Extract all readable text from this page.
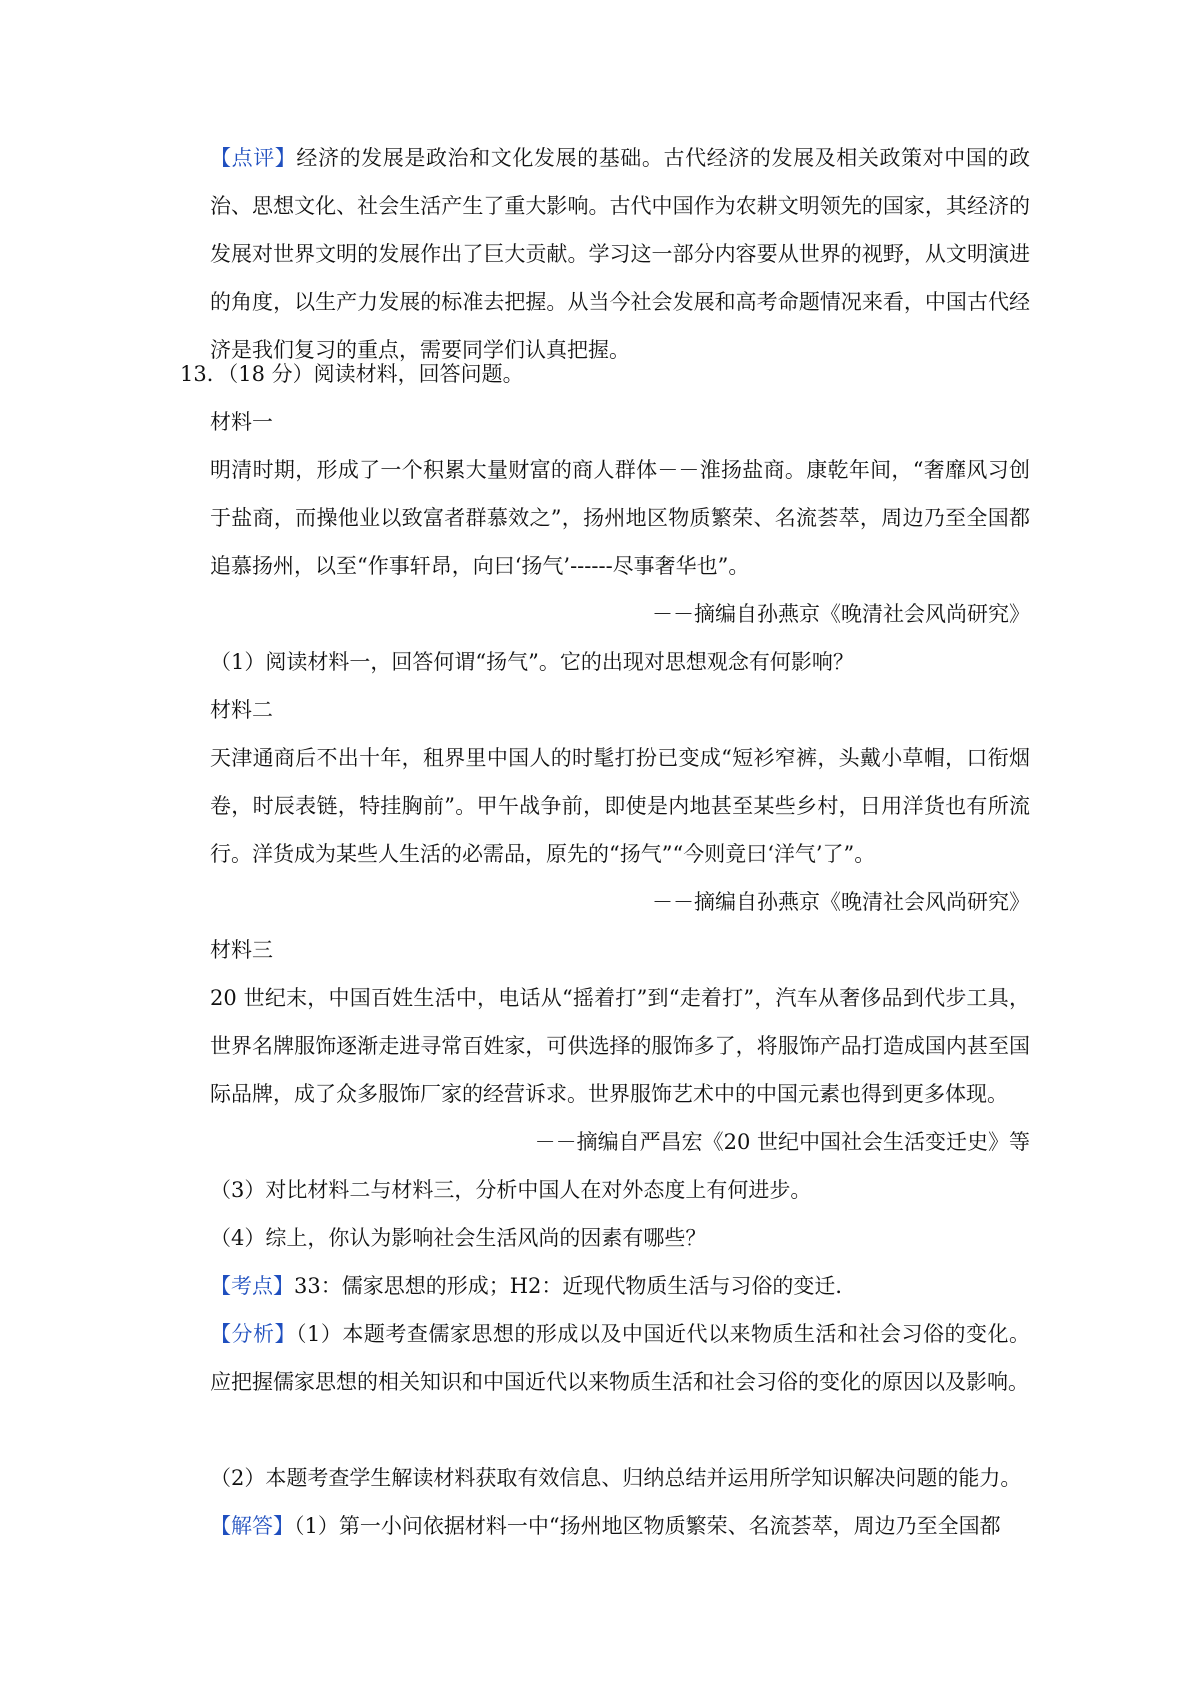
【点评】经济的发展是政治和文化发展的基础。古代经济的发展及相关政策对中国的政治、思想文化、社会生活产生了重大影响。古代中国作为农耕文明领先的国家，其经济的发展对世界文明的发展作出了巨大贡献。学习这一部分内容要从世界的视野，从文明演进的角度，以生产力发展的标准去把握。从当今社会发展和高考命题情况来看，中国古代经济是我们复习的重点，需要同学们认真把握。

13．（18 分）阅读材料，回答问题。

材料一

明清时期，形成了一个积累大量财富的商人群体－－淮扬盐商。康乾年间，“奢靡风习创于盐商，而操他业以致富者群慕效之”，扬州地区物质繁荣、名流荟萃，周边乃至全国都追慕扬州，以至“作事轩昂，向曰‘扬气’------尽事奢华也”。

－－摘编自孙燕京《晚清社会风尚研究》

（1）阅读材料一，回答何谓“扬气”。它的出现对思想观念有何影响？

材料二

天津通商后不出十年，租界里中国人的时髦打扮已变成“短衫窄裤，头戴小草帽，口衔烟卷，时辰表链，特挂胸前”。甲午战争前，即使是内地甚至某些乡村，日用洋货也有所流行。洋货成为某些人生活的必需品，原先的“扬气”“今则竟曰‘洋气’了”。

－－摘编自孙燕京《晚清社会风尚研究》

材料三

20 世纪末，中国百姓生活中，电话从“摇着打”到“走着打”，汽车从奢侈品到代步工具，世界名牌服饰逐渐走进寻常百姓家，可供选择的服饰多了，将服饰产品打造成国内甚至国际品牌，成了众多服饰厂家的经营诉求。世界服饰艺术中的中国元素也得到更多体现。

－－摘编自严昌宏《20 世纪中国社会生活变迁史》等

（3）对比材料二与材料三，分析中国人在对外态度上有何进步。

（4）综上，你认为影响社会生活风尚的因素有哪些？

【考点】33：儒家思想的形成；H2：近现代物质生活与习俗的变迁．

【分析】（1）本题考查儒家思想的形成以及中国近代以来物质生活和社会习俗的变化。应把握儒家思想的相关知识和中国近代以来物质生活和社会习俗的变化的原因以及影响。

（2）本题考查学生解读材料获取有效信息、归纳总结并运用所学知识解决问题的能力。

【解答】（1）第一小问依据材料一中“扬州地区物质繁荣、名流荟萃，周边乃至全国都
